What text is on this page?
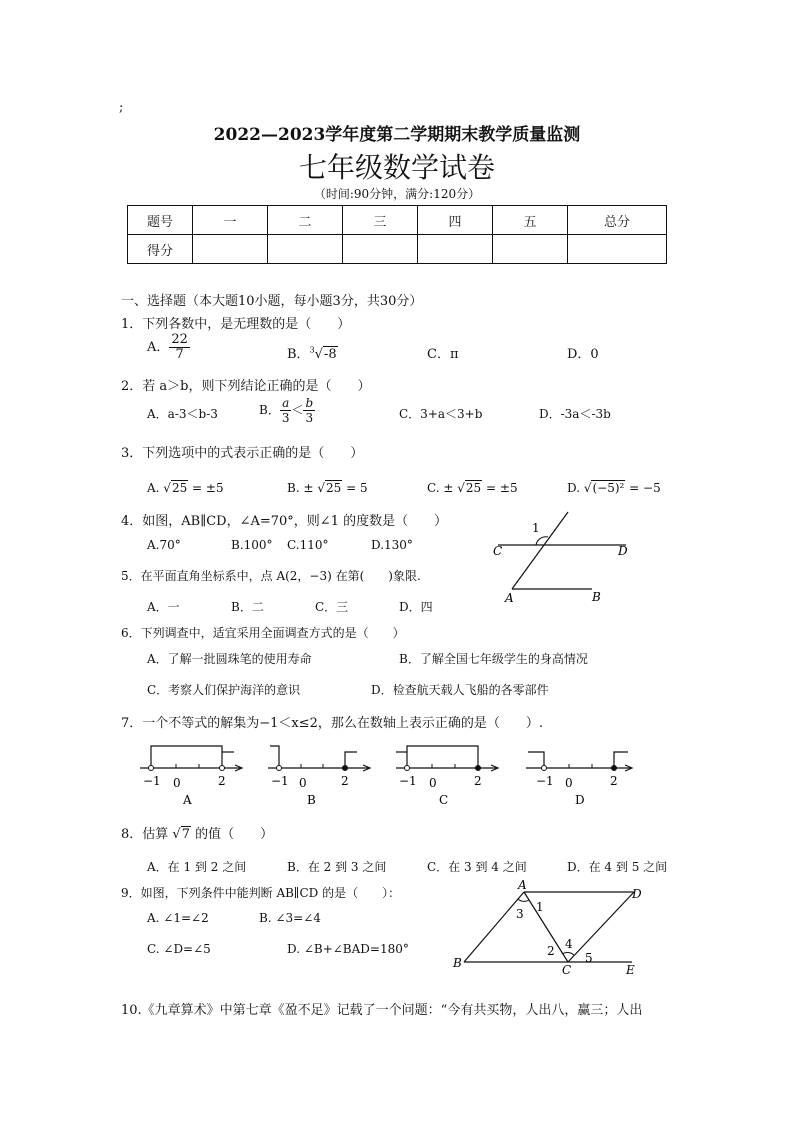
;
2022—2023学年度第二学期期末教学质量监测
七年级数学试卷
（时间:90分钟，满分:120分）
题号	一	二	三	四	五	总分
得分						
一、选择题（本大题10小题，每小题3分，共30分）
1．下列各数中，是无理数的是（　　）
A． $\frac{22}{7}$	B．$^3$√-8	C．π	D．0
2．若 a＞b，则下列结论正确的是（　　）
A．a-3＜b-3	B． $\frac{a}{3} < \frac{b}{3}$	C．3+a＜3+b	D．-3a＜-3b
3．下列选项中的式表示正确的是（　　）
A. √25 = ±5	B. ± √25 = 5	C. ± √25 = ±5	D. √(−5)² = −5
4．如图，AB∥CD，∠A=70°，则∠1 的度数是（　　）
A.70°	B.100° C.110°	D.130°
1
C	D
A	B
5．在平面直角坐标系中，点 A(2，−3) 在第(　　)象限.
A．一	B．二	C．三	D．四
6．下列调查中，适宜采用全面调查方式的是（　　）
A．了解一批圆珠笔的使用寿命	B．了解全国七年级学生的身高情况
C．考察人们保护海洋的意识	D．检查航天载人飞船的各零部件
7．一个不等式的解集为−1＜x≤2，那么在数轴上表示正确的是（　　）.
−1 0	2
A
−1 0	2
B
−1 0	2
C
−1 0	2
D
8．估算 √7 的值（　　）
A．在 1 到 2 之间	B．在 2 到 3 之间	C．在 3 到 4 之间	D．在 4 到 5 之间
9．如图，下列条件中能判断 AB∥CD 的是（　　）：
A. ∠1=∠2	B. ∠3=∠4
C. ∠D=∠5	D. ∠B+∠BAD=180°
A
D
B	C	E
1
2
3
4
5
10.《九章算术》中第七章《盈不足》记载了一个问题：“今有共买物，人出八，赢三；人出
